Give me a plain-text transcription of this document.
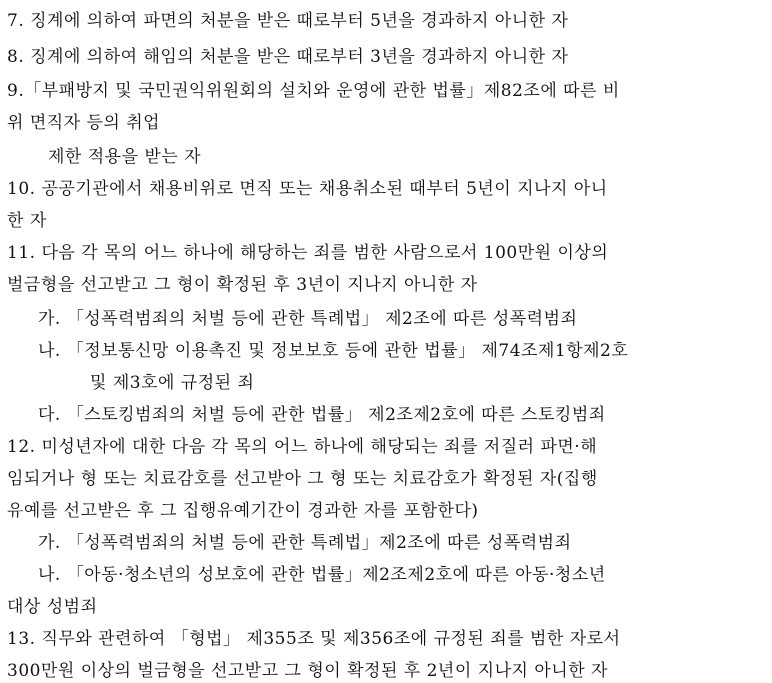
7. 징계에 의하여 파면의 처분을 받은 때로부터 5년을 경과하지 아니한 자
8. 징계에 의하여 해임의 처분을 받은 때로부터 3년을 경과하지 아니한 자
9.「부패방지 및 국민권익위원회의 설치와 운영에 관한 법률」제82조에 따른 비
위 면직자 등의 취업
제한 적용을 받는 자
10. 공공기관에서 채용비위로 면직 또는 채용취소된 때부터 5년이 지나지 아니
한 자
11. 다음 각 목의 어느 하나에 해당하는 죄를 범한 사람으로서 100만원 이상의
벌금형을 선고받고 그 형이 확정된 후 3년이 지나지 아니한 자
가. 「성폭력범죄의 처벌 등에 관한 특례법」 제2조에 따른 성폭력범죄
나. 「정보통신망 이용촉진 및 정보보호 등에 관한 법률」 제74조제1항제2호
및 제3호에 규정된 죄
다. 「스토킹범죄의 처벌 등에 관한 법률」 제2조제2호에 따른 스토킹범죄
12. 미성년자에 대한 다음 각 목의 어느 하나에 해당되는 죄를 저질러 파면·해
임되거나 형 또는 치료감호를 선고받아 그 형 또는 치료감호가 확정된 자(집행
유예를 선고받은 후 그 집행유예기간이 경과한 자를 포함한다)
가. 「성폭력범죄의 처벌 등에 관한 특례법」제2조에 따른 성폭력범죄
나. 「아동·청소년의 성보호에 관한 법률」제2조제2호에 따른 아동·청소년
대상 성범죄
13. 직무와 관련하여 「형법」 제355조 및 제356조에 규정된 죄를 범한 자로서
300만원 이상의 벌금형을 선고받고 그 형이 확정된 후 2년이 지나지 아니한 자
